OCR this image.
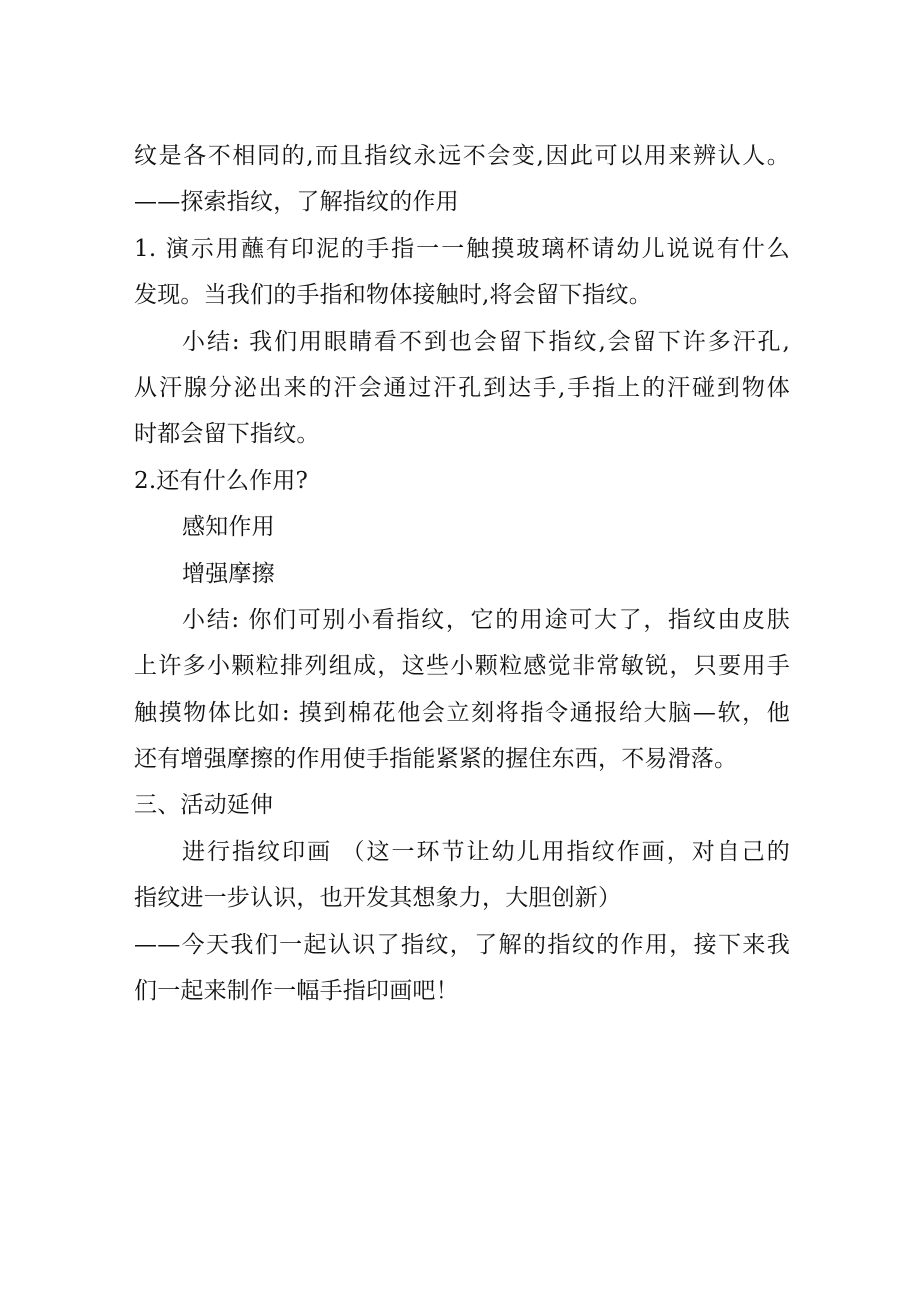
纹是各不相同的,而且指纹永远不会变,因此可以用来辨认人。
——探索指纹，了解指纹的作用
1. 演示用蘸有印泥的手指一一触摸玻璃杯请幼儿说说有什么
发现。当我们的手指和物体接触时,将会留下指纹。
小结: 我们用眼睛看不到也会留下指纹,会留下许多汗孔,
从汗腺分泌出来的汗会通过汗孔到达手,手指上的汗碰到物体
时都会留下指纹。
2.还有什么作用?
感知作用
增强摩擦
小结: 你们可别小看指纹，它的用途可大了，指纹由皮肤
上许多小颗粒排列组成，这些小颗粒感觉非常敏锐，只要用手
触摸物体比如: 摸到棉花他会立刻将指令通报给大脑—软，他
还有增强摩擦的作用使手指能紧紧的握住东西，不易滑落。
三、活动延伸
进行指纹印画 （这一环节让幼儿用指纹作画，对自己的
指纹进一步认识，也开发其想象力，大胆创新）
——今天我们一起认识了指纹，了解的指纹的作用，接下来我
们一起来制作一幅手指印画吧！
